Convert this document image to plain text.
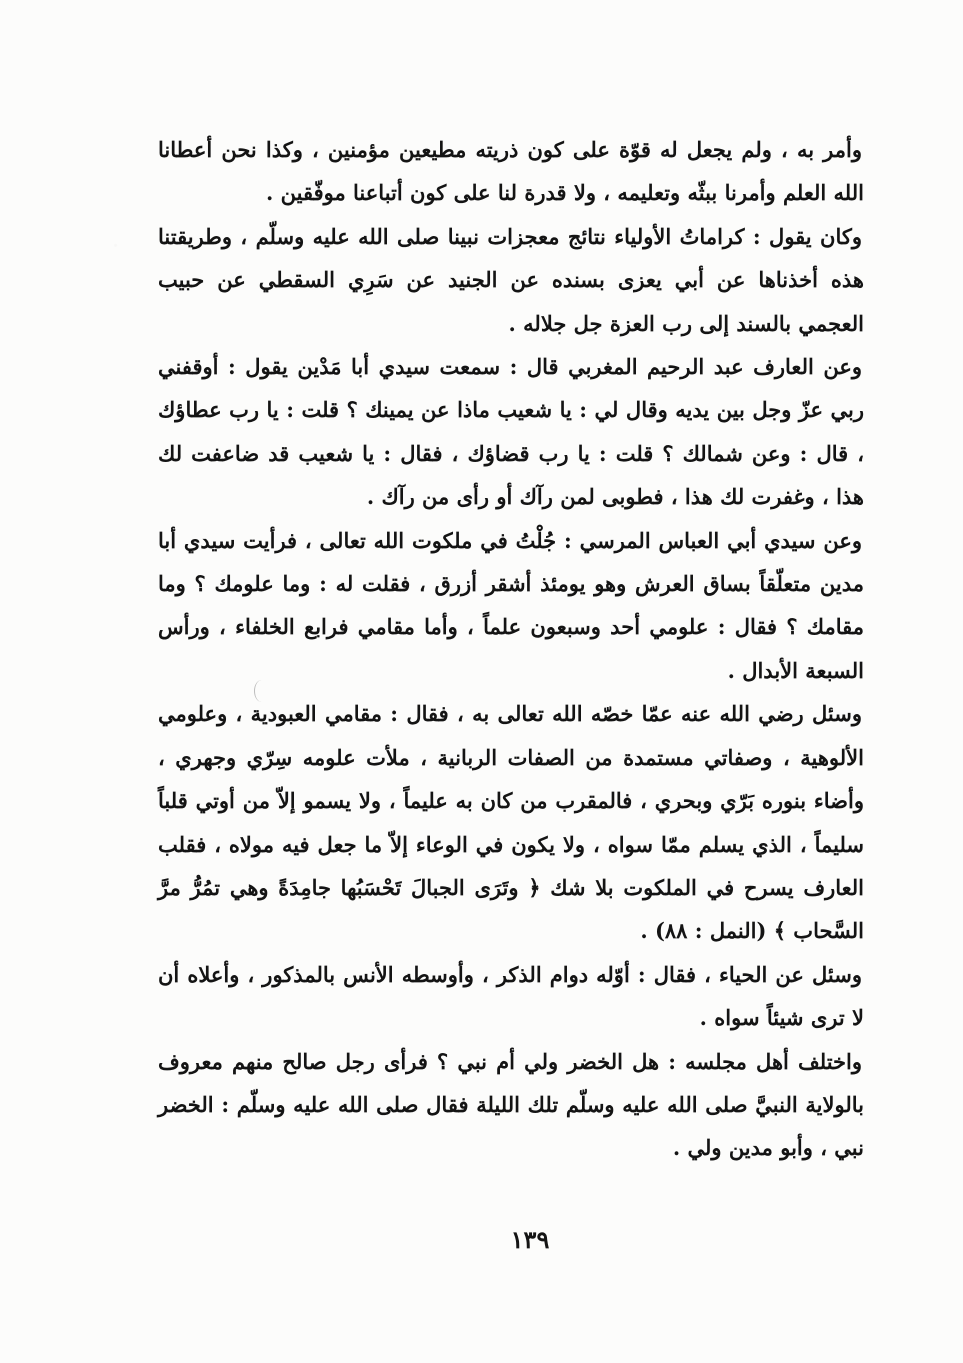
وأمر به ، ولم يجعل له قوّة على كون ذريته مطيعين مؤمنين ، وكذا نحن أعطانا الله العلم وأمرنا ببثّه وتعليمه ، ولا قدرة لنا على كون أتباعنا موفّقين .

وكان يقول : كراماتُ الأولياء نتائج معجزات نبينا صلى الله عليه وسلّم ، وطريقتنا هذه أخذناها عن أبي يعزى بسنده عن الجنيد عن سَرِي السقطي عن حبيب العجمي بالسند إلى رب العزة جل جلاله .

وعن العارف عبد الرحيم المغربي قال : سمعت سيدي أبا مَدْين يقول : أوقفني ربي عزّ وجل بين يديه وقال لي : يا شعيب ماذا عن يمينك ؟ قلت : يا رب عطاؤك ، قال : وعن شمالك ؟ قلت : يا رب قضاؤك ، فقال : يا شعيب قد ضاعفت لك هذا ، وغفرت لك هذا ، فطوبى لمن رآك أو رأى من رآك .

وعن سيدي أبي العباس المرسي : جُلْتُ في ملكوت الله تعالى ، فرأيت سيدي أبا مدين متعلّقاً بساق العرش وهو يومئذ أشقر أزرق ، فقلت له : وما علومك ؟ وما مقامك ؟ فقال : علومي أحد وسبعون علماً ، وأما مقامي فرابع الخلفاء ، ورأس السبعة الأبدال .

وسئل رضي الله عنه عمّا خصّه الله تعالى به ، فقال : مقامي العبودية ، وعلومي الألوهية ، وصفاتي مستمدة من الصفات الربانية ، ملأت علومه سِرّي وجهري ، وأضاء بنوره بَرّي وبحري ، فالمقرب من كان به عليماً ، ولا يسمو إلاّ من أوتي قلباً سليماً ، الذي يسلم ممّا سواه ، ولا يكون في الوعاء إلاّ ما جعل فيه مولاه ، فقلب العارف يسرح في الملكوت بلا شك ﴿ وتَرَى الجبالَ تَحْسَبُها جامِدَةً وهي تمُرُّ مرَّ السَّحاب ﴾ (النمل : ٨٨) .

وسئل عن الحياء ، فقال : أوّله دوام الذكر ، وأوسطه الأنس بالمذكور ، وأعلاه أن لا ترى شيئاً سواه .

واختلف أهل مجلسه : هل الخضر ولي أم نبي ؟ فرأى رجل صالح منهم معروف بالولاية النبيَّ صلى الله عليه وسلّم تلك الليلة فقال صلى الله عليه وسلّم : الخضر نبي ، وأبو مدين ولي .

١٣٩
